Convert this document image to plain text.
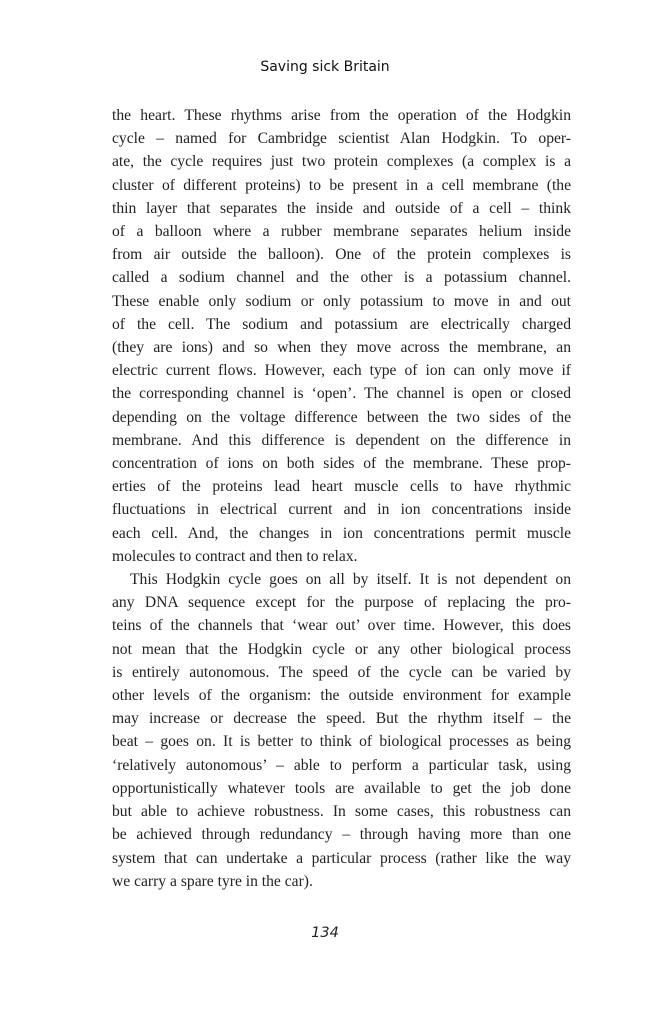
Saving sick Britain

the heart. These rhythms arise from the operation of the Hodgkin
cycle – named for Cambridge scientist Alan Hodgkin. To oper-
ate, the cycle requires just two protein complexes (a complex is a
cluster of different proteins) to be present in a cell membrane (the
thin layer that separates the inside and outside of a cell – think
of a balloon where a rubber membrane separates helium inside
from air outside the balloon). One of the protein complexes is
called a sodium channel and the other is a potassium channel.
These enable only sodium or only potassium to move in and out
of the cell. The sodium and potassium are electrically charged
(they are ions) and so when they move across the membrane, an
electric current flows. However, each type of ion can only move if
the corresponding channel is ‘open’. The channel is open or closed
depending on the voltage difference between the two sides of the
membrane. And this difference is dependent on the difference in
concentration of ions on both sides of the membrane. These prop-
erties of the proteins lead heart muscle cells to have rhythmic
fluctuations in electrical current and in ion concentrations inside
each cell. And, the changes in ion concentrations permit muscle
molecules to contract and then to relax.

This Hodgkin cycle goes on all by itself. It is not dependent on
any DNA sequence except for the purpose of replacing the pro-
teins of the channels that ‘wear out’ over time. However, this does
not mean that the Hodgkin cycle or any other biological process
is entirely autonomous. The speed of the cycle can be varied by
other levels of the organism: the outside environment for example
may increase or decrease the speed. But the rhythm itself – the
beat – goes on. It is better to think of biological processes as being
‘relatively autonomous’ – able to perform a particular task, using
opportunistically whatever tools are available to get the job done
but able to achieve robustness. In some cases, this robustness can
be achieved through redundancy – through having more than one
system that can undertake a particular process (rather like the way
we carry a spare tyre in the car).

134
